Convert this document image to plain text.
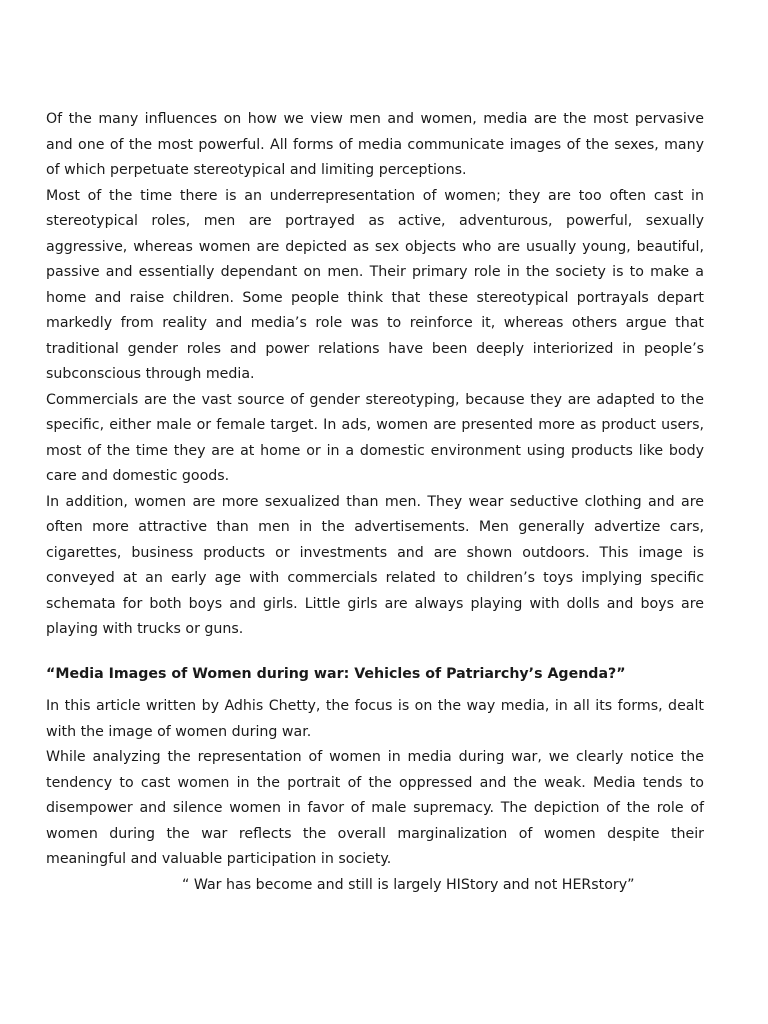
Of the many influences on how we view men and women, media are the most pervasive and one of the most powerful. All forms of media communicate images of the sexes, many of which perpetuate stereotypical and limiting perceptions.

Most of the time there is an underrepresentation of women; they are too often cast in stereotypical roles, men are portrayed as active, adventurous, powerful, sexually aggressive, whereas women are depicted as sex objects who are usually young, beautiful, passive and essentially dependant on men. Their primary role in the society is to make a home and raise children. Some people think that these stereotypical portrayals depart markedly from reality and media’s role was to reinforce it, whereas others argue that traditional gender roles and power relations have been deeply interiorized in people’s subconscious through media.

Commercials are the vast source of gender stereotyping, because they are adapted to the specific, either male or female target. In ads, women are presented more as product users, most of the time they are at home or in a domestic environment using products like body care and domestic goods.

In addition, women are more sexualized than men. They wear seductive clothing and are often more attractive than men in the advertisements. Men generally advertize cars, cigarettes, business products or investments and are shown outdoors. This image is conveyed at an early age with commercials related to children’s toys implying specific schemata for both boys and girls. Little girls are always playing with dolls and boys are playing with trucks or guns.

“Media Images of Women during war: Vehicles of Patriarchy’s Agenda?”

In this article written by Adhis Chetty, the focus is on the way media, in all its forms, dealt with the image of women during war.

While analyzing the representation of women in media during war, we clearly notice the tendency to cast women in the portrait of the oppressed and the weak. Media tends to disempower and silence women in favor of male supremacy. The depiction of the role of women during the war reflects the overall marginalization of women despite their meaningful and valuable participation in society.

“ War has become and still is largely HIStory and not HERstory”
